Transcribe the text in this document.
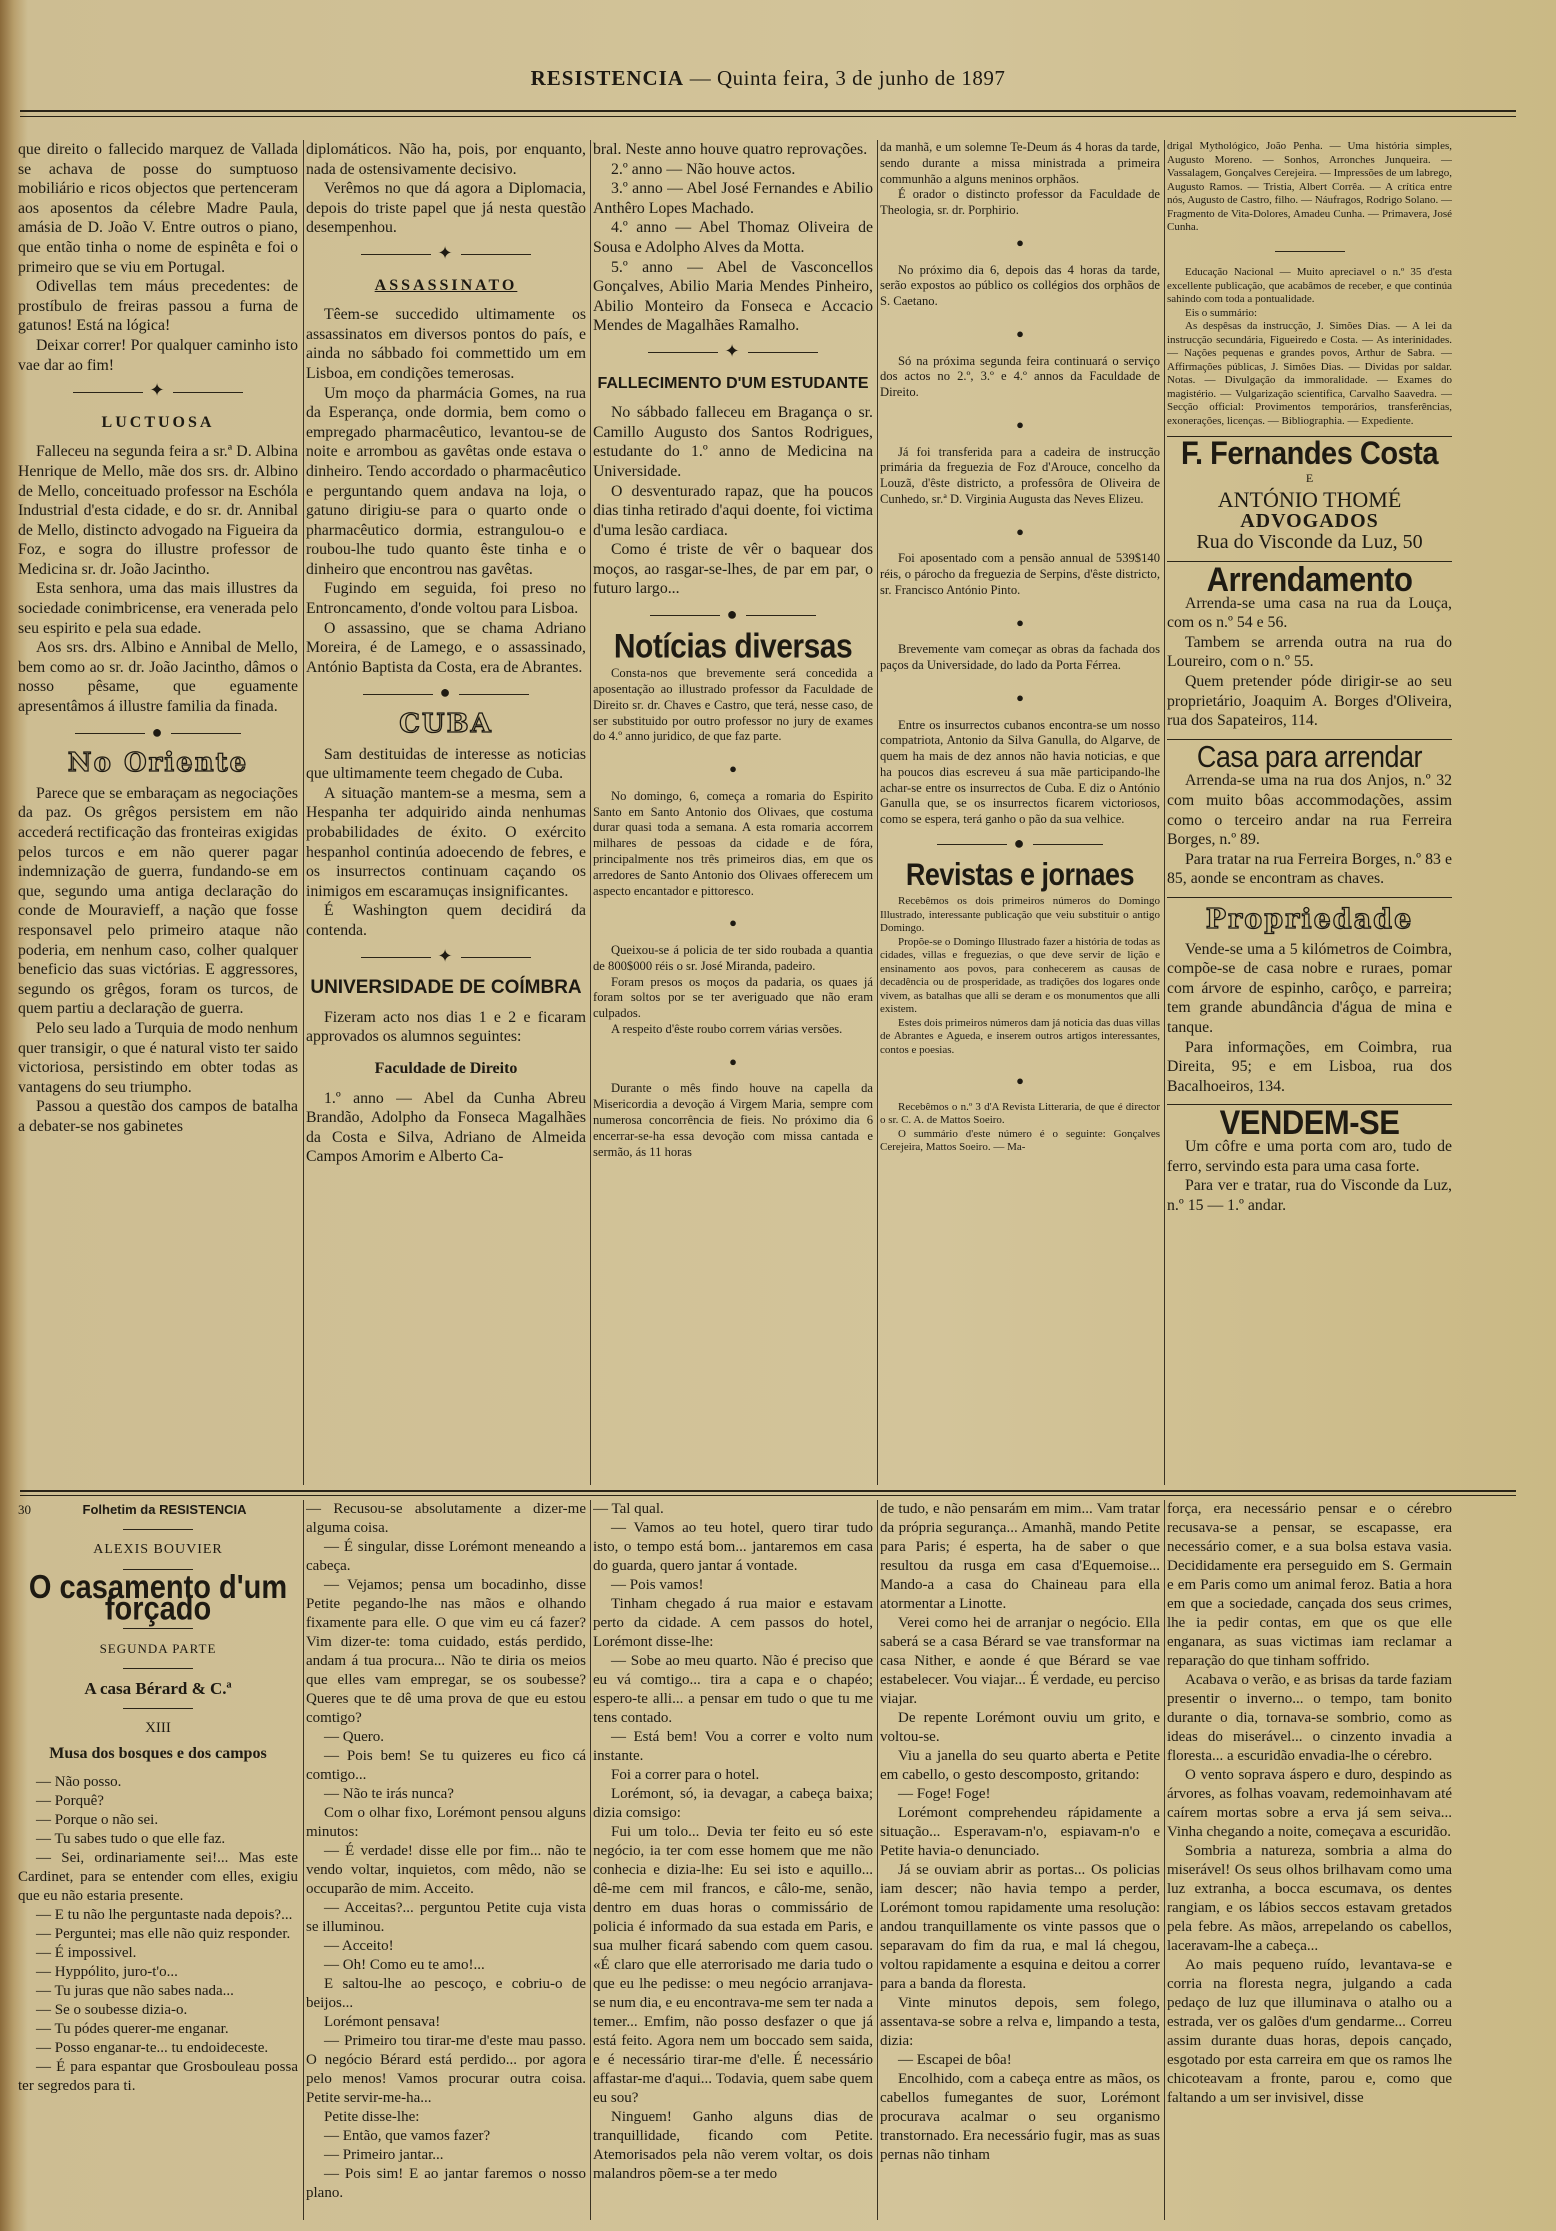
RESISTENCIA — Quinta feira, 3 de junho de 1897

que direito o fallecido marquez de Vallada se achava de posse do sumptuoso mobiliário e ricos objectos que pertenceram aos aposentos da célebre Madre Paula, amásia de D. João V. Entre outros o piano, que então tinha o nome de espinêta e foi o primeiro que se viu em Portugal.

Odivellas tem máus precedentes: de prostíbulo de freiras passou a furna de gatunos! Está na lógica!

Deixar correr! Por qualquer caminho isto vae dar ao fim!

✦
LUCTUOSA

Falleceu na segunda feira a sr.ª D. Albina Henrique de Mello, mãe dos srs. dr. Albino de Mello, conceituado professor na Eschóla Industrial d'esta cidade, e do sr. dr. Annibal de Mello, distincto advogado na Figueira da Foz, e sogra do illustre professor de Medicina sr. dr. João Jacintho.

Esta senhora, uma das mais illustres da sociedade conimbricense, era venerada pelo seu espirito e pela sua edade.

Aos srs. drs. Albino e Annibal de Mello, bem como ao sr. dr. João Jacintho, dâmos o nosso pêsame, que eguamente apresentâmos á illustre familia da finada.

●
No Oriente

Parece que se embaraçam as negociações da paz. Os grêgos persistem em não accederá rectificação das fronteiras exigidas pelos turcos e em não querer pagar indemnização de guerra, fundando-se em que, segundo uma antiga declaração do conde de Mouravieff, a nação que fosse responsavel pelo primeiro ataque não poderia, em nenhum caso, colher qualquer beneficio das suas victórias. E aggressores, segundo os grêgos, foram os turcos, de quem partiu a declaração de guerra.

Pelo seu lado a Turquia de modo nenhum quer transigir, o que é natural visto ter saido victoriosa, persistindo em obter todas as vantagens do seu triumpho.

Passou a questão dos campos de batalha a debater-se nos gabinetes

diplomáticos. Não ha, pois, por enquanto, nada de ostensivamente decisivo.

Verêmos no que dá agora a Diplomacia, depois do triste papel que já nesta questão desempenhou.

✦
ASSASSINATO

Têem-se succedido ultimamente os assassinatos em diversos pontos do país, e ainda no sábbado foi commettido um em Lisboa, em condições temerosas.

Um moço da pharmácia Gomes, na rua da Esperança, onde dormia, bem como o empregado pharmacêutico, levantou-se de noite e arrombou as gavêtas onde estava o dinheiro. Tendo accordado o pharmacêutico e perguntando quem andava na loja, o gatuno dirigiu-se para o quarto onde o pharmacêutico dormia, estrangulou-o e roubou-lhe tudo quanto êste tinha e o dinheiro que encontrou nas gavêtas.

Fugindo em seguida, foi preso no Entroncamento, d'onde voltou para Lisboa.

O assassino, que se chama Adriano Moreira, é de Lamego, e o assassinado, António Baptista da Costa, era de Abrantes.

●
CUBA

Sam destituidas de interesse as noticias que ultimamente teem chegado de Cuba.

A situação mantem-se a mesma, sem a Hespanha ter adquirido ainda nenhumas probabilidades de éxito. O exército hespanhol continúa adoecendo de febres, e os insurrectos continuam caçando os inimigos em escaramuças insignificantes.

É Washington quem decidirá da contenda.

✦
UNIVERSIDADE DE COÍMBRA

Fizeram acto nos dias 1 e 2 e ficaram approvados os alumnos seguintes:

Faculdade de Direito

1.º anno — Abel da Cunha Abreu Brandão, Adolpho da Fonseca Magalhães da Costa e Silva, Adriano de Almeida Campos Amorim e Alberto Ca-

bral. Neste anno houve quatro reprovações.

2.º anno — Não houve actos.

3.º anno — Abel José Fernandes e Abilio Anthêro Lopes Machado.

4.º anno — Abel Thomaz Oliveira de Sousa e Adolpho Alves da Motta.

5.º anno — Abel de Vasconcellos Gonçalves, Abilio Maria Mendes Pinheiro, Abilio Monteiro da Fonseca e Accacio Mendes de Magalhães Ramalho.

✦
FALLECIMENTO D'UM ESTUDANTE

No sábbado falleceu em Bragança o sr. Camillo Augusto dos Santos Rodrigues, estudante do 1.º anno de Medicina na Universidade.

O desventurado rapaz, que ha poucos dias tinha retirado d'aqui doente, foi victima d'uma lesão cardiaca.

Como é triste de vêr o baquear dos moços, ao rasgar-se-lhes, de par em par, o futuro largo...

●
Notícias diversas

Consta-nos que brevemente será concedida a aposentação ao illustrado professor da Faculdade de Direito sr. dr. Chaves e Castro, que terá, nesse caso, de ser substituido por outro professor no jury de exames do 4.º anno juridico, de que faz parte.

●

No domingo, 6, começa a romaria do Espirito Santo em Santo Antonio dos Olivaes, que costuma durar quasi toda a semana. A esta romaria accorrem milhares de pessoas da cidade e de fóra, principalmente nos três primeiros dias, em que os arredores de Santo Antonio dos Olivaes offerecem um aspecto encantador e pittoresco.

●

Queixou-se á policia de ter sido roubada a quantia de 800$000 réis o sr. José Miranda, padeiro.

Foram presos os moços da padaria, os quaes já foram soltos por se ter averiguado que não eram culpados.

A respeito d'êste roubo correm várias versões.

●

Durante o mês findo houve na capella da Misericordia a devoção á Virgem Maria, sempre com numerosa concorrência de fieis. No próximo dia 6 encerrar-se-ha essa devoção com missa cantada e sermão, ás 11 horas

da manhã, e um solemne Te-Deum ás 4 horas da tarde, sendo durante a missa ministrada a primeira communhão a alguns meninos orphãos.

É orador o distincto professor da Faculdade de Theologia, sr. dr. Porphirio.

●

No próximo dia 6, depois das 4 horas da tarde, serão expostos ao público os collégios dos orphãos de S. Caetano.

●

Só na próxima segunda feira continuará o serviço dos actos no 2.º, 3.º e 4.º annos da Faculdade de Direito.

●

Já foi transferida para a cadeira de instrucção primária da freguezia de Foz d'Arouce, concelho da Louzã, d'êste districto, a professôra de Oliveira de Cunhedo, sr.ª D. Virginia Augusta das Neves Elizeu.

●

Foi aposentado com a pensão annual de 539$140 réis, o párocho da freguezia de Serpins, d'êste districto, sr. Francisco António Pinto.

●

Brevemente vam começar as obras da fachada dos paços da Universidade, do lado da Porta Férrea.

●

Entre os insurrectos cubanos encontra-se um nosso compatriota, Antonio da Silva Ganulla, do Algarve, de quem ha mais de dez annos não havia noticias, e que ha poucos dias escreveu á sua mãe participando-lhe achar-se entre os insurrectos de Cuba. E diz o António Ganulla que, se os insurrectos ficarem victoriosos, como se espera, terá ganho o pão da sua velhice.

●
Revistas e jornaes

Recebêmos os dois primeiros números do Domingo Illustrado, interessante publicação que veiu substituir o antigo Domingo.

Propõe-se o Domingo Illustrado fazer a história de todas as cidades, villas e freguezias, o que deve servir de lição e ensinamento aos povos, para conhecerem as causas de decadência ou de prosperidade, as tradições dos logares onde vivem, as batalhas que alli se deram e os monumentos que alli existem.

Estes dois primeiros números dam já noticia das duas villas de Abrantes e Agueda, e inserem outros artigos interessantes, contos e poesias.

●

Recebêmos o n.º 3 d'A Revista Litteraria, de que é director o sr. C. A. de Mattos Soeiro.

O summário d'este número é o seguinte: Gonçalves Cerejeira, Mattos Soeiro. — Ma-

drigal Mythológico, João Penha. — Uma história simples, Augusto Moreno. — Sonhos, Arronches Junqueira. — Vassalagem, Gonçalves Cerejeira. — Impressões de um labrego, Augusto Ramos. — Tristia, Albert Corrêa. — A crítica entre nós, Augusto de Castro, filho. — Náufragos, Rodrigo Solano. — Fragmento de Vita-Dolores, Amadeu Cunha. — Primavera, José Cunha.

Educação Nacional — Muito apreciavel o n.º 35 d'esta excellente publicação, que acabâmos de receber, e que continúa sahindo com toda a pontualidade.

Eis o summário:

As despêsas da instrucção, J. Simões Dias. — A lei da instrucção secundária, Figueiredo e Costa. — As interinidades. — Nações pequenas e grandes povos, Arthur de Sabra. — Affirmações públicas, J. Simões Dias. — Dividas por saldar. Notas. — Divulgação da immoralidade. — Exames do magistério. — Vulgarização scientifica, Carvalho Saavedra. — Secção official: Provimentos temporários, transferências, exonerações, licenças. — Bibliographia. — Expediente.

F. Fernandes Costa
E
ANTÓNIO THOMÉ
ADVOGADOS
Rua do Visconde da Luz, 50
Arrendamento

Arrenda-se uma casa na rua da Louça, com os n.º 54 e 56.

Tambem se arrenda outra na rua do Loureiro, com o n.º 55.

Quem pretender póde dirigir-se ao seu proprietário, Joaquim A. Borges d'Oliveira, rua dos Sapateiros, 114.

Casa para arrendar

Arrenda-se uma na rua dos Anjos, n.º 32 com muito bôas accommodações, assim como o terceiro andar na rua Ferreira Borges, n.º 89.

Para tratar na rua Ferreira Borges, n.º 83 e 85, aonde se encontram as chaves.

Propriedade

Vende-se uma a 5 kilómetros de Coimbra, compõe-se de casa nobre e ruraes, pomar com árvore de espinho, carôço, e parreira; tem grande abundância d'água de mina e tanque.

Para informações, em Coimbra, rua Direita, 95; e em Lisboa, rua dos Bacalhoeiros, 134.

VENDEM-SE

Um côfre e uma porta com aro, tudo de ferro, servindo esta para uma casa forte.

Para ver e tratar, rua do Visconde da Luz, n.º 15 — 1.º andar.

30	Folhetim da RESISTENCIA
ALEXIS BOUVIER
O casamento d'um forçado
SEGUNDA PARTE
A casa Bérard & C.ª
XIII
Musa dos bosques e dos campos

— Não posso.

— Porquê?

— Porque o não sei.

— Tu sabes tudo o que elle faz.

— Sei, ordinariamente sei!... Mas este Cardinet, para se entender com elles, exigiu que eu não estaria presente.

— E tu não lhe perguntaste nada depois?...

— Perguntei; mas elle não quiz responder.

— É impossivel.

— Hyppólito, juro-t'o...

— Tu juras que não sabes nada...

— Se o soubesse dizia-o.

— Tu pódes querer-me enganar.

— Posso enganar-te... tu endoideceste.

— É para espantar que Grosbouleau possa ter segredos para ti.

— Recusou-se absolutamente a dizer-me alguma coisa.

— É singular, disse Lorémont meneando a cabeça.

— Vejamos; pensa um bocadinho, disse Petite pegando-lhe nas mãos e olhando fixamente para elle. O que vim eu cá fazer? Vim dizer-te: toma cuidado, estás perdido, andam á tua procura... Não te diria os meios que elles vam empregar, se os soubesse? Queres que te dê uma prova de que eu estou comtigo?

— Quero.

— Pois bem! Se tu quizeres eu fico cá comtigo...

— Não te irás nunca?

Com o olhar fixo, Lorémont pensou alguns minutos:

— É verdade! disse elle por fim... não te vendo voltar, inquietos, com mêdo, não se occuparão de mim. Acceito.

— Acceitas?... perguntou Petite cuja vista se illuminou.

— Acceito!

— Oh! Como eu te amo!...

E saltou-lhe ao pescoço, e cobriu-o de beijos...

Lorémont pensava!

— Primeiro tou tirar-me d'este mau passo. O negócio Bérard está perdido... por agora pelo menos! Vamos procurar outra coisa. Petite servir-me-ha...

Petite disse-lhe:

— Então, que vamos fazer?

— Primeiro jantar...

— Pois sim! E ao jantar faremos o nosso plano.

— Tal qual.

— Vamos ao teu hotel, quero tirar tudo isto, o tempo está bom... jantaremos em casa do guarda, quero jantar á vontade.

— Pois vamos!

Tinham chegado á rua maior e estavam perto da cidade. A cem passos do hotel, Lorémont disse-lhe:

— Sobe ao meu quarto. Não é preciso que eu vá comtigo... tira a capa e o chapéo; espero-te alli... a pensar em tudo o que tu me tens contado.

— Está bem! Vou a correr e volto num instante.

Foi a correr para o hotel.

Lorémont, só, ia devagar, a cabeça baixa; dizia comsigo:

Fui um tolo... Devia ter feito eu só este negócio, ia ter com esse homem que me não conhecia e dizia-lhe: Eu sei isto e aquillo... dê-me cem mil francos, e câlo-me, senão, dentro em duas horas o commissário de policia é informado da sua estada em Paris, e sua mulher ficará sabendo com quem casou. «É claro que elle aterrorisado me daria tudo o que eu lhe pedisse: o meu negócio arranjava-se num dia, e eu encontrava-me sem ter nada a temer... Emfim, não posso desfazer o que já está feito. Agora nem um boccado sem saida, e é necessário tirar-me d'elle. É necessário affastar-me d'aqui... Todavia, quem sabe quem eu sou?

Ninguem! Ganho alguns dias de tranquillidade, ficando com Petite. Atemorisados pela não verem voltar, os dois malandros põem-se a ter medo

de tudo, e não pensarám em mim... Vam tratar da própria segurança... Amanhã, mando Petite para Paris; é esperta, ha de saber o que resultou da rusga em casa d'Equemoise... Mando-a a casa do Chaineau para ella atormentar a Linotte.

Verei como hei de arranjar o negócio. Ella saberá se a casa Bérard se vae transformar na casa Nither, e aonde é que Bérard se vae estabelecer. Vou viajar... É verdade, eu perciso viajar.

De repente Lorémont ouviu um grito, e voltou-se.

Viu a janella do seu quarto aberta e Petite em cabello, o gesto descomposto, gritando:

— Foge! Foge!

Lorémont comprehendeu rápidamente a situação... Esperavam-n'o, espiavam-n'o e Petite havia-o denunciado.

Já se ouviam abrir as portas... Os policias iam descer; não havia tempo a perder, Lorémont tomou rapidamente uma resolução: andou tranquillamente os vinte passos que o separavam do fim da rua, e mal lá chegou, voltou rapidamente a esquina e deitou a correr para a banda da floresta.

Vinte minutos depois, sem folego, assentava-se sobre a relva e, limpando a testa, dizia:

— Escapei de bôa!

Encolhido, com a cabeça entre as mãos, os cabellos fumegantes de suor, Lorémont procurava acalmar o seu organismo transtornado. Era necessário fugir, mas as suas pernas não tinham

força, era necessário pensar e o cérebro recusava-se a pensar, se escapasse, era necessário comer, e a sua bolsa estava vasia. Decididamente era perseguido em S. Germain e em Paris como um animal feroz. Batia a hora em que a sociedade, cançada dos seus crimes, lhe ia pedir contas, em que os que elle enganara, as suas victimas iam reclamar a reparação do que tinham soffrido.

Acabava o verão, e as brisas da tarde faziam presentir o inverno... o tempo, tam bonito durante o dia, tornava-se sombrio, como as ideas do miserável... o cinzento invadia a floresta... a escuridão envadia-lhe o cérebro.

O vento soprava áspero e duro, despindo as árvores, as folhas voavam, redemoinhavam até caírem mortas sobre a erva já sem seiva... Vinha chegando a noite, começava a escuridão.

Sombria a natureza, sombria a alma do miserável! Os seus olhos brilhavam como uma luz extranha, a bocca escumava, os dentes rangiam, e os lábios seccos estavam gretados pela febre. As mãos, arrepelando os cabellos, laceravam-lhe a cabeça...

Ao mais pequeno ruído, levantava-se e corria na floresta negra, julgando a cada pedaço de luz que illuminava o atalho ou a estrada, ver os galões d'um gendarme... Correu assim durante duas horas, depois cançado, esgotado por esta carreira em que os ramos lhe chicoteavam a fronte, parou e, como que faltando a um ser invisivel, disse
